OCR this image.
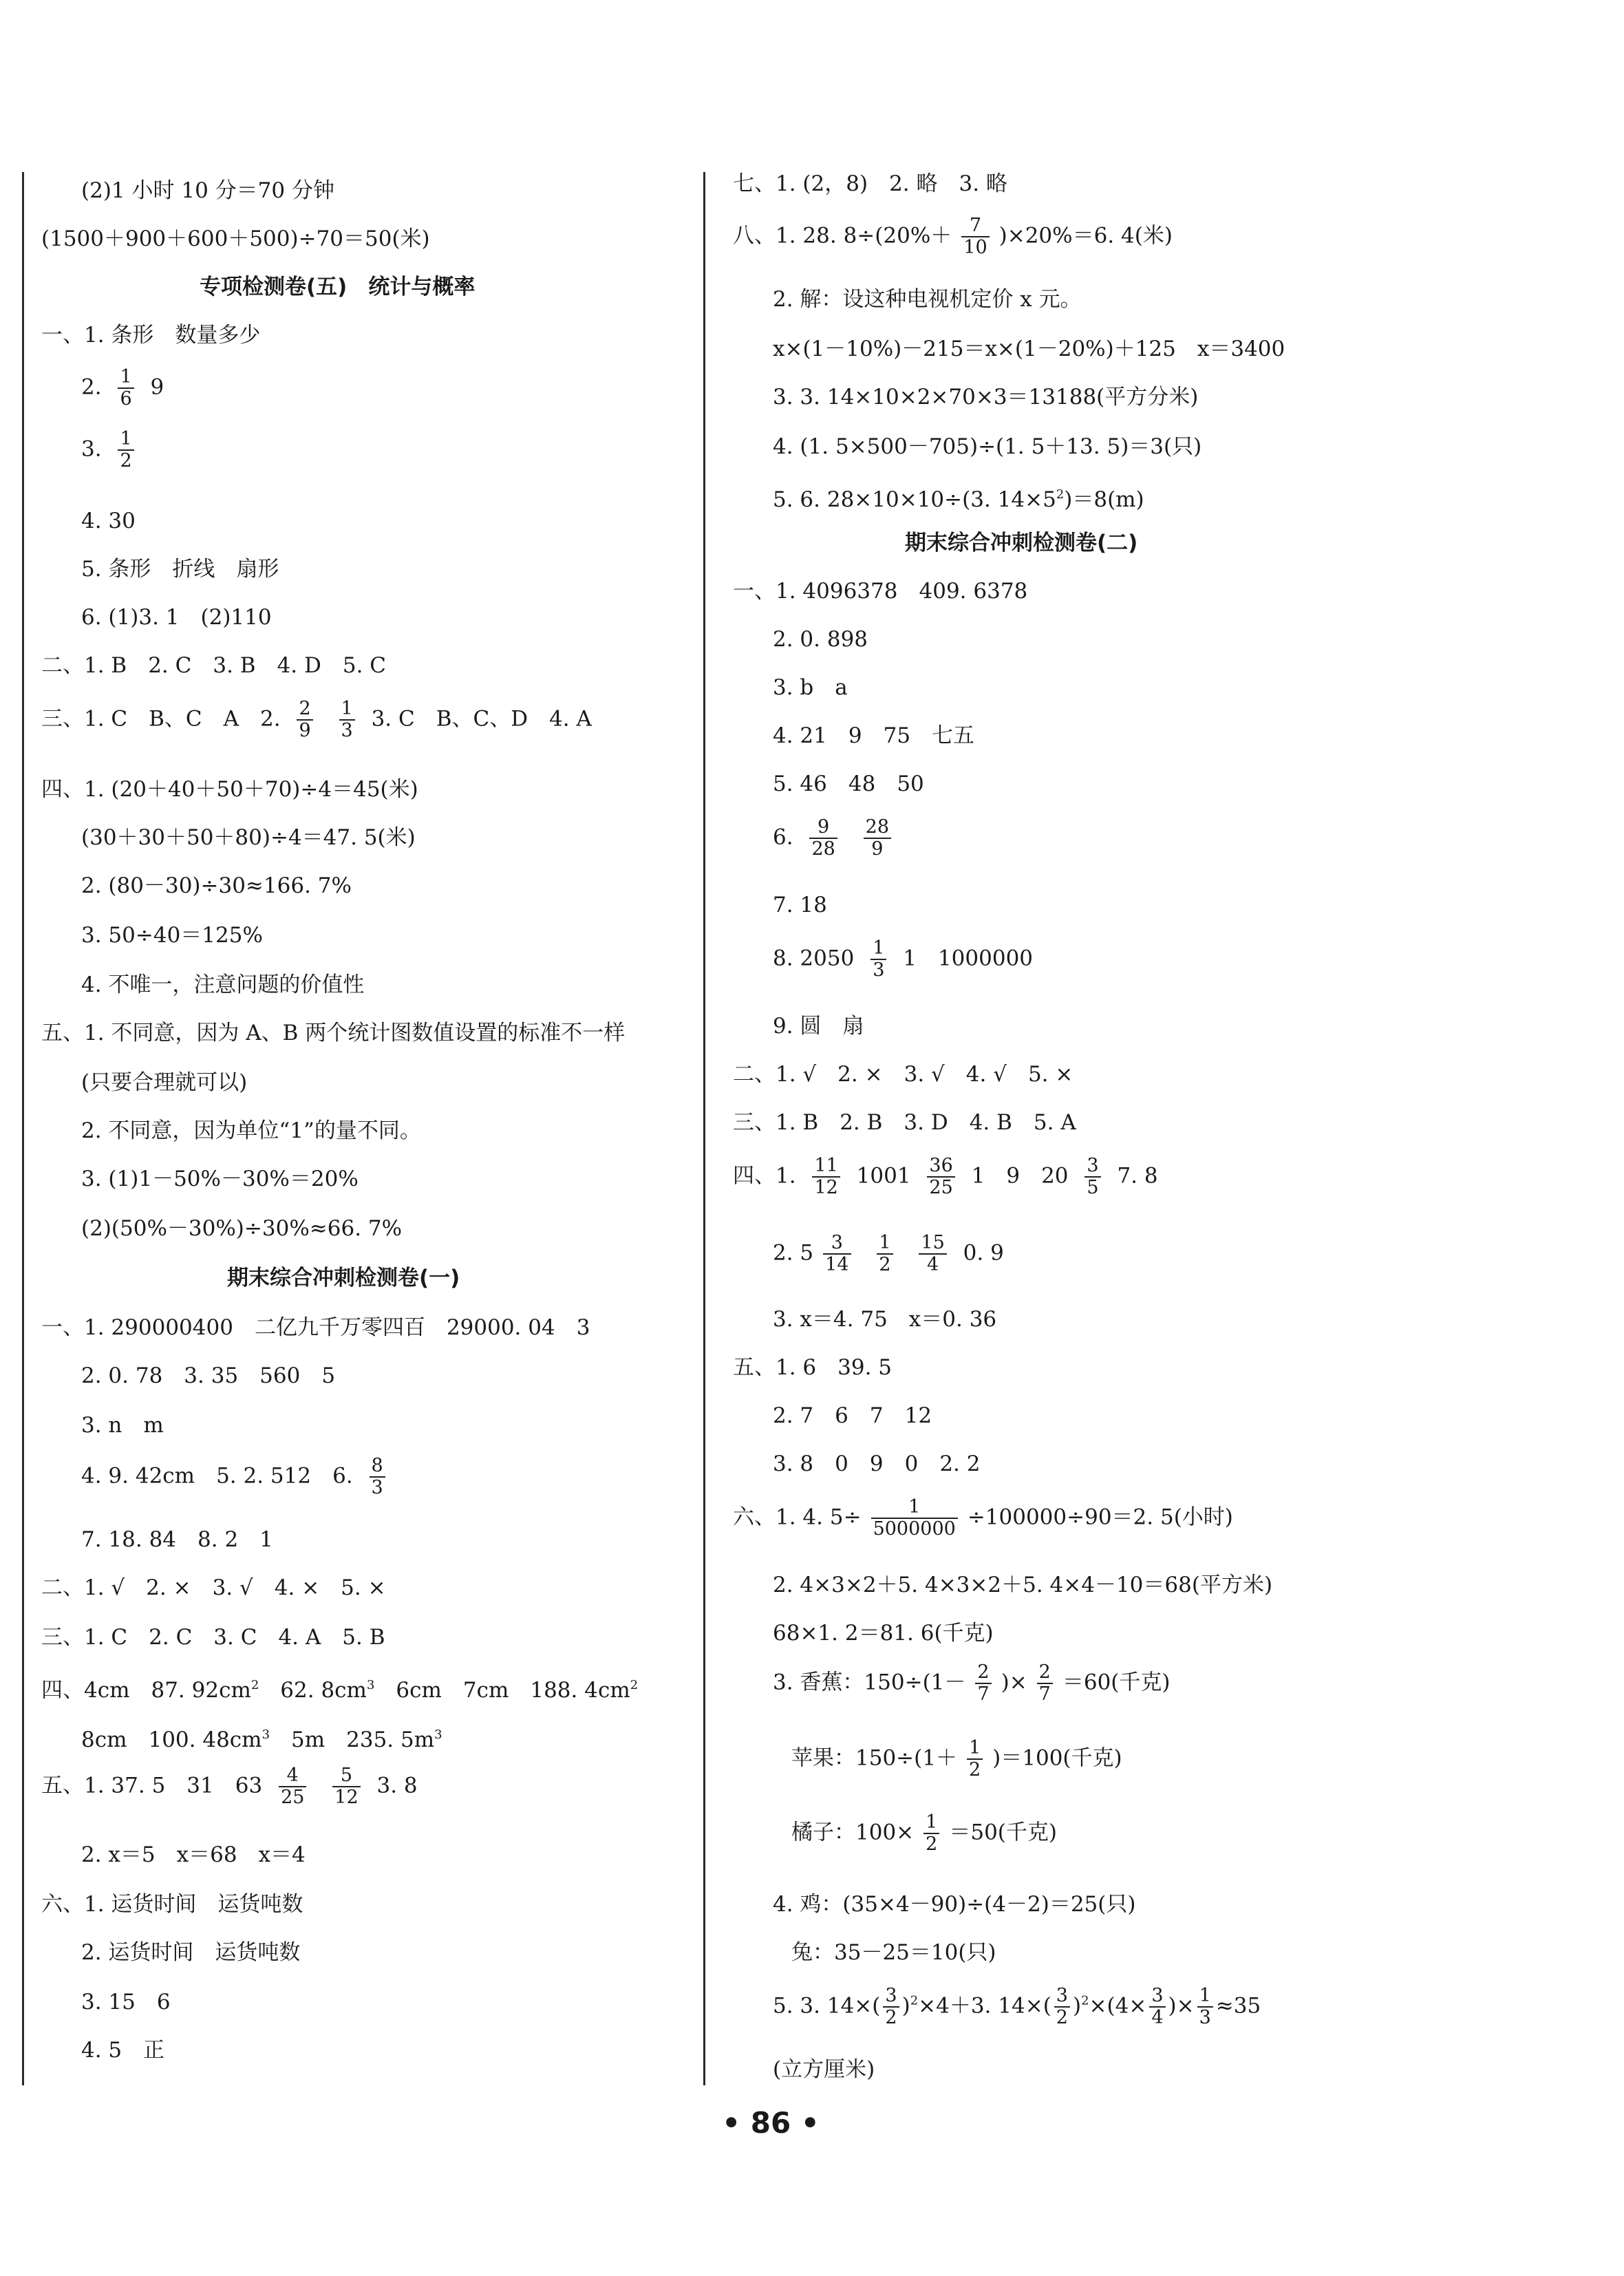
(2)1 小时 10 分＝70 分钟
(1500＋900＋600＋500)÷70＝50(米)
专项检测卷(五)　统计与概率
一、1. 条形　数量多少
2. $\frac{1}{6} 9$
3. $\frac{1}{2}$
4. 30
5. 条形　折线　扇形
6. (1)3. 1　(2)110
二、1. B　2. C　3. B　4. D　5. C
三、1. C　B、C　A　2. $\frac{2}{9}$
$\frac{1}{3} 3$. C　B、C、D　4. A
四、1. (20＋40＋50＋70)÷4＝45(米)
(30＋30＋50＋80)÷4＝47. 5(米)
2. (80－30)÷30≈166. 7%
3. 50÷40＝125%
4. 不唯一，注意问题的价值性
五、1. 不同意，因为 A、B 两个统计图数值设置的标准不一样
(只要合理就可以)
2. 不同意，因为单位“1”的量不同。
3. (1)1－50%－30%＝20%
(2)(50%－30%)÷30%≈66. 7%
期末综合冲刺检测卷(一)
一、1. 290000400　二亿九千万零四百　29000. 04　3
2. 0. 78　3. 35　560　5
3. n　m
4. 9. 42cm　5. 2. 512　6. $\frac{8}{3}$
7. 18. 84　8. 2　1
二、1. √　2. ×　3. √　4. ×　5. ×
三、1. C　2. C　3. C　4. A　5. B
四、4cm　87. $92cm^2$　62. $8cm^3$　6cm　7cm　188. $4cm^2$
8cm　100. $48cm^3$　5m　235. $5m^3$
五、1. 37. 5　31　$63 \frac{4}{25}$
$\frac{5}{12} 3$. 8
2. x＝5　x＝68　x＝4
六、1. 运货时间　运货吨数
2. 运货时间　运货吨数
3. 15　6
4. 5　正
七、1. (2，8)　2. 略　3. 略
八、1. 28. $8\div(20\%+ \frac{7}{10} )\times 20\%=6$. 4(米)
2. 解：设这种电视机定价 x 元。
x×(1－10%)－215＝x×(1－20%)＋125　x＝3400
3. 3. 14×10×2×70×3＝13188(平方分米)
4. (1. 5×500－705)÷(1. 5＋13. 5)＝3(只)
5. 6. 28×10×10÷(3. $14\times 5^2)=8(m)$
期末综合冲刺检测卷(二)
一、1. 4096378　409. 6378
2. 0. 898
3. b　a
4. 21　9　75　七五
5. 46　48　50
6. $\frac{9}{28}$
$\frac{28}{9}$
7. 18
8. $2050 \frac{1}{3} 1$　1000000
9. 圆　扇
二、1. √　2. ×　3. √　4. √　5. ×
三、1. B　2. B　3. D　4. B　5. A
四、1. $\frac{11}{12} 1001 \frac{36}{25} 1$　9　$20 \frac{3}{5} 7$. 8
2. $5 \frac{3}{14}$
$\frac{1}{2}$
$\frac{15}{4} 0$. 9
3. x＝4. 75　x＝0. 36
五、1. 6　39. 5
2. 7　6　7　12
3. 8　0　9　0　2. 2
六、1. 4. $5\div \frac{1}{5000000} \div 100000\div 90=2$. 5(小时)
2. 4×3×2＋5. 4×3×2＋5. 4×4－10＝68(平方米)
68×1. 2＝81. 6(千克)
3. 香蕉：$150\div(1- \frac{2}{7}$ )× $\frac{2}{7} =60$(千克)
苹果：$150\div(1+ \frac{1}{2} )=100$(千克)
橘子：$100\times \frac{1}{2} =50$(千克)
4. 鸡：(35×4－90)÷(4－2)＝25(只)
兔：35－25＝10(只)
5. 3. $14\times( \frac{3}{2} )^2\times 4+3$. $14\times( \frac{3}{2} )^2\times(4\times \frac{3}{4}$ )× $\frac{1}{3} \approx 35$
(立方厘米)
• 86 •
